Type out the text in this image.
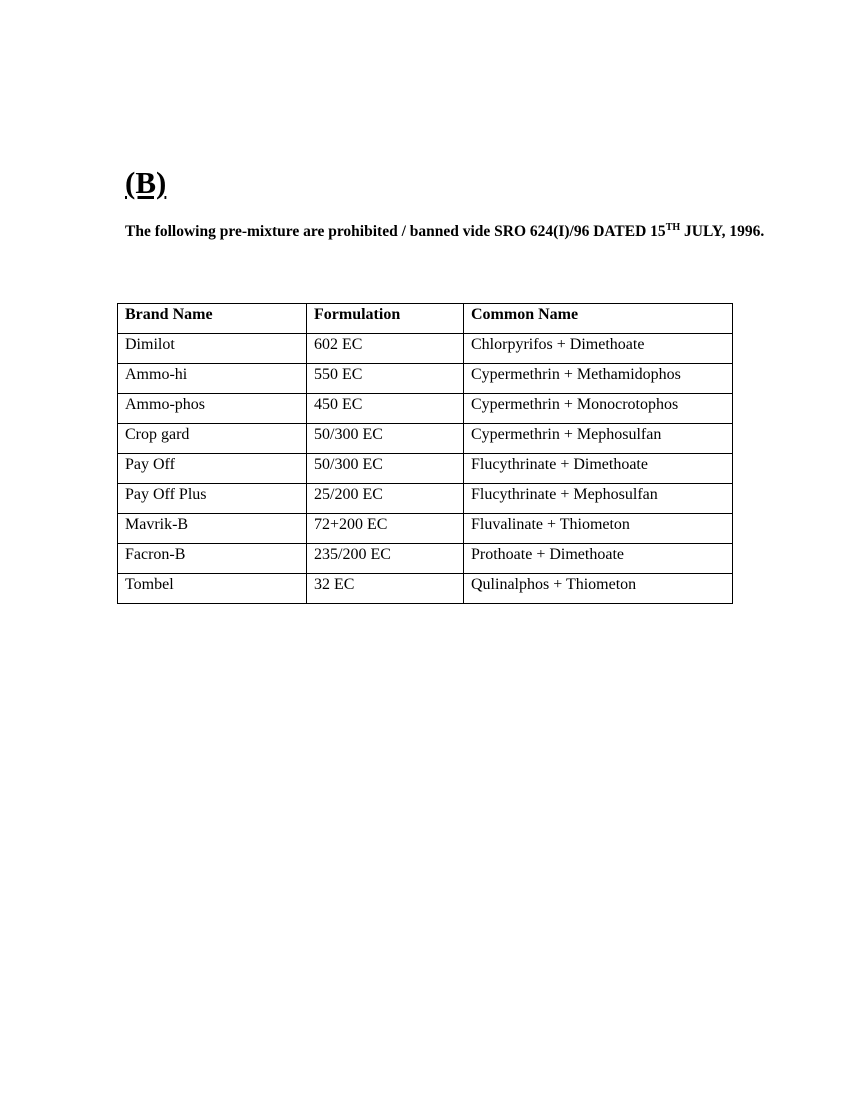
(B)

The following pre-mixture are prohibited / banned vide SRO 624(I)/96 DATED 15TH JULY, 1996.

Brand Name	Formulation	Common Name
Dimilot	602 EC	Chlorpyrifos + Dimethoate
Ammo-hi	550 EC	Cypermethrin + Methamidophos
Ammo-phos	450 EC	Cypermethrin + Monocrotophos
Crop gard	50/300 EC	Cypermethrin + Mephosulfan
Pay Off	50/300 EC	Flucythrinate + Dimethoate
Pay Off Plus	25/200 EC	Flucythrinate + Mephosulfan
Mavrik-B	72+200 EC	Fluvalinate + Thiometon
Facron-B	235/200 EC	Prothoate + Dimethoate
Tombel	32 EC	Qulinalphos + Thiometon
